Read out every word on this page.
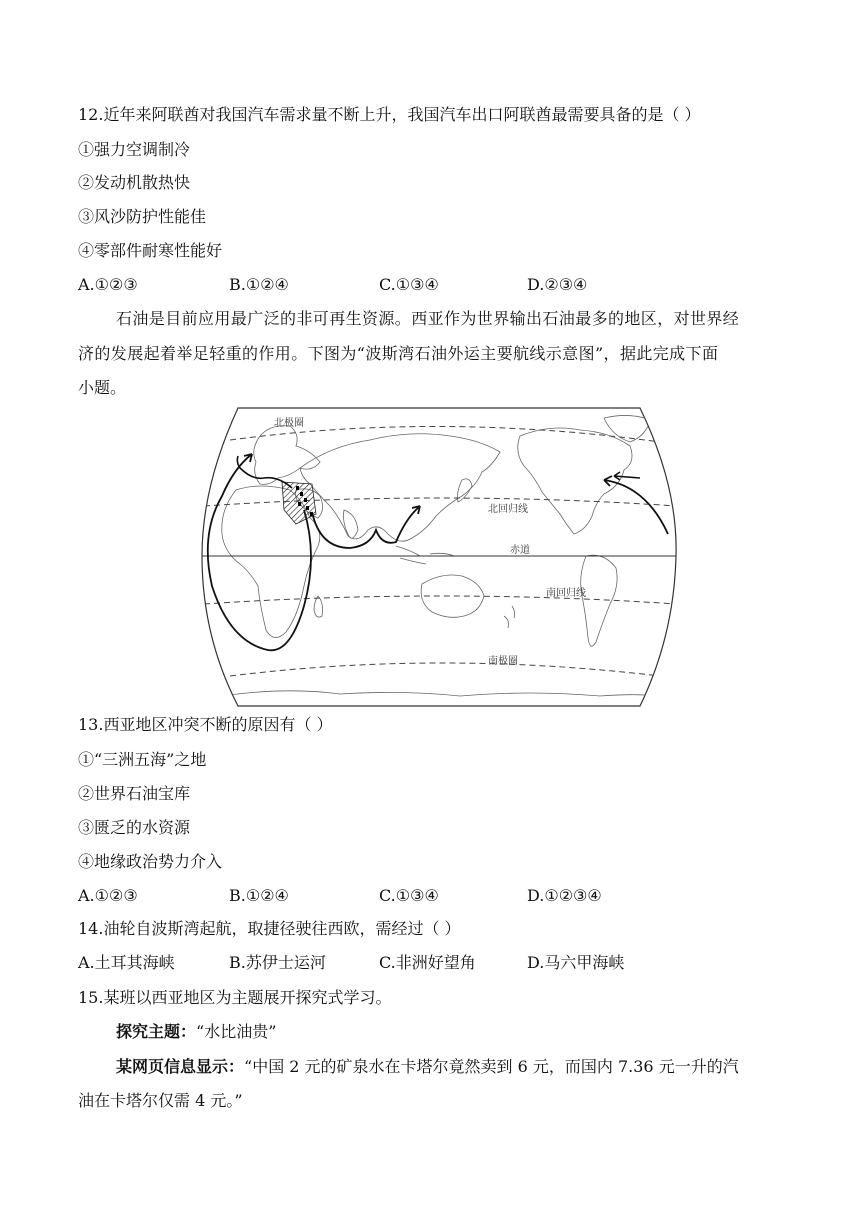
12.近年来阿联酋对我国汽车需求量不断上升，我国汽车出口阿联酋最需要具备的是（ ）
①强力空调制冷
②发动机散热快
③风沙防护性能佳
④零部件耐寒性能好
A.①②③	B.①②④	C.①③④	D.②③④
石油是目前应用最广泛的非可再生资源。西亚作为世界输出石油最多的地区，对世界经
济的发展起着举足轻重的作用。下图为“波斯湾石油外运主要航线示意图”，据此完成下面
小题。
北极圈
北回归线
赤道
南回归线
南极圈
13.西亚地区冲突不断的原因有（ ）
①“三洲五海”之地
②世界石油宝库
③匮乏的水资源
④地缘政治势力介入
A.①②③	B.①②④	C.①③④	D.①②③④
14.油轮自波斯湾起航，取捷径驶往西欧，需经过（ ）
A.土耳其海峡	B.苏伊士运河	C.非洲好望角	D.马六甲海峡
15.某班以西亚地区为主题展开探究式学习。
探究主题：“水比油贵”
某网页信息显示：“中国 2 元的矿泉水在卡塔尔竟然卖到 6 元，而国内 7.36 元一升的汽
油在卡塔尔仅需 4 元。”
